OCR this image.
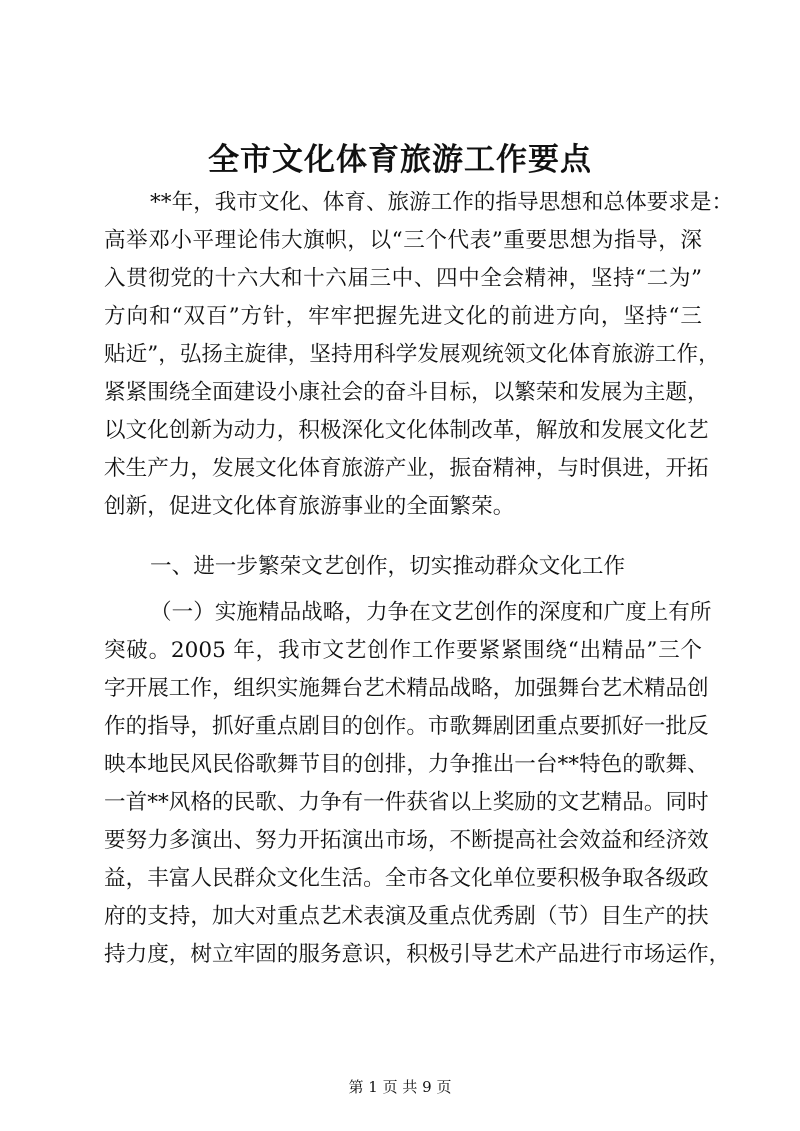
全市文化体育旅游工作要点
**年，我市文化、体育、旅游工作的指导思想和总体要求是：
高举邓小平理论伟大旗帜，以“三个代表”重要思想为指导，深
入贯彻党的十六大和十六届三中、四中全会精神，坚持“二为”
方向和“双百”方针，牢牢把握先进文化的前进方向，坚持“三
贴近”，弘扬主旋律，坚持用科学发展观统领文化体育旅游工作，
紧紧围绕全面建设小康社会的奋斗目标，以繁荣和发展为主题，
以文化创新为动力，积极深化文化体制改革，解放和发展文化艺
术生产力，发展文化体育旅游产业，振奋精神，与时俱进，开拓
创新，促进文化体育旅游事业的全面繁荣。
一、进一步繁荣文艺创作，切实推动群众文化工作
（一）实施精品战略，力争在文艺创作的深度和广度上有所
突破。2005 年，我市文艺创作工作要紧紧围绕“出精品”三个
字开展工作，组织实施舞台艺术精品战略，加强舞台艺术精品创
作的指导，抓好重点剧目的创作。市歌舞剧团重点要抓好一批反
映本地民风民俗歌舞节目的创排，力争推出一台**特色的歌舞、
一首**风格的民歌、力争有一件获省以上奖励的文艺精品。同时
要努力多演出、努力开拓演出市场，不断提高社会效益和经济效
益，丰富人民群众文化生活。全市各文化单位要积极争取各级政
府的支持，加大对重点艺术表演及重点优秀剧（节）目生产的扶
持力度，树立牢固的服务意识，积极引导艺术产品进行市场运作，
第 1 页 共 9 页
